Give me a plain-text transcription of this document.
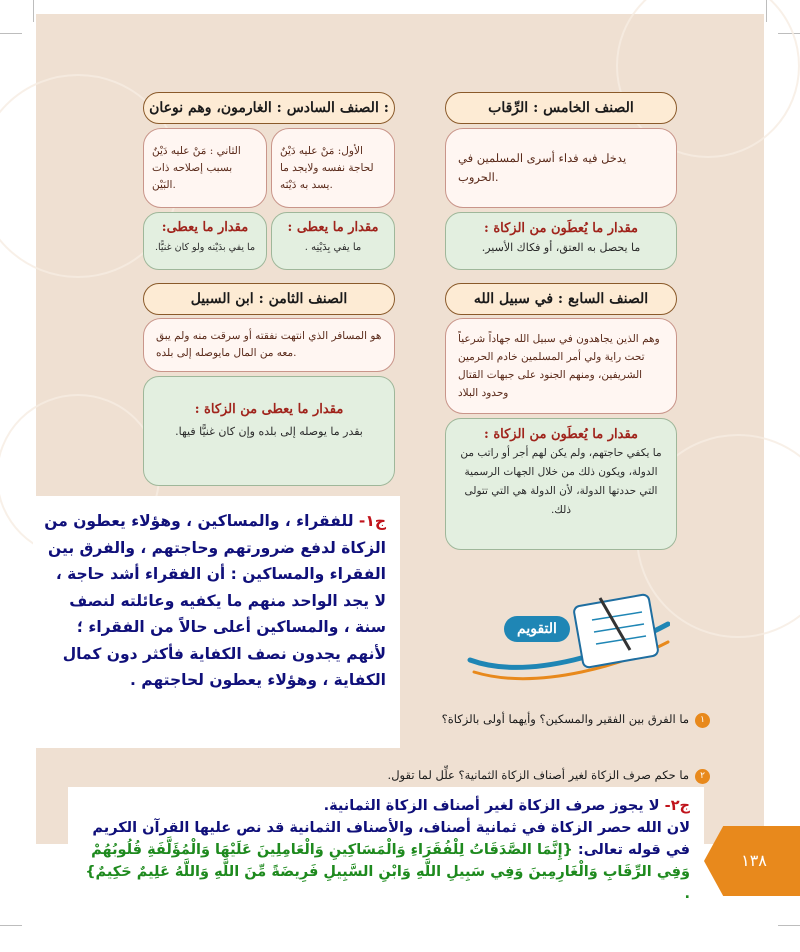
الصنف الخامس : الرِّقاب
يدخل فيه فداء أسرى المسلمين في الحروب.
مقدار ما يُعطَون من الزكاة :
ما يحصل به العتق، أو فكاك الأسير.
الصنف السادس : الغارمون، وهم نوعان :
الأول: مَنْ عليه دَيْنٌ لحاجة نفسه ولايجد ما يسد به دَيْنَه.
الثاني : مَنْ عليه دَيْنٌ بسبب إصلاحه ذات البَيْن.
مقدار ما يعطى :
ما يفي بِدَيْنِه .
مقدار ما يعطى:
ما يفي بدَيْنه ولو كان غنيًّا.
الصنف السابع : في سبيل الله
وهم الذين يجاهدون في سبيل الله جهاداً شرعياً تحت راية ولي أمر المسلمين خادم الحرمين الشريفين، ومنهم الجنود على جبهات القتال وحدود البلاد
مقدار ما يُعطَون من الزكاة :
ما يكفي حاجتهم، ولم يكن لهم أجر أو راتب من الدولة، ويكون ذلك من خلال الجهات الرسمية التي حددتها الدولة، لأن الدولة هي التي تتولى ذلك.
الصنف الثامن : ابن السبيل
هو المسافر الذي انتهت نفقته أو سرقت منه ولم يبق معه من المال مايوصله إلى بلده.
مقدار ما يعطى من الزكاة :
بقدر ما يوصله إلى بلده وإن كان غنيًّا فيها.
التقويم
١ما الفرق بين الفقير والمسكين؟ وأيهما أولى بالزكاة؟
٢ما حكم صرف الزكاة لغير أصناف الزكاة الثمانية؟ علِّل لما تقول.
ج١- للفقراء ، والمساكين ، وهؤلاء يعطون من الزكاة لدفع ضرورتهم وحاجتهم ، والفرق بين الفقراء والمساكين : أن الفقراء أشد حاجة ، لا يجد الواحد منهم ما يكفيه وعائلته لنصف سنة ، والمساكين أعلى حالاً من الفقراء ؛ لأنهم يجدون نصف الكفاية فأكثر دون كمال الكفاية ، وهؤلاء يعطون لحاجتهم .
ج٢- لا يجوز صرف الزكاة لغير أصناف الزكاة الثمانية.
لان الله حصر الزكاة في ثمانية أصناف، والأصناف الثمانية قد نص عليها القرآن الكريم في قوله تعالى: {إِنَّمَا الصَّدَقَاتُ لِلْفُقَرَاءِ وَالْمَسَاكِينِ وَالْعَامِلِينَ عَلَيْهَا وَالْمُؤَلَّفَةِ قُلُوبُهُمْ وَفِي الرِّقَابِ وَالْغَارِمِينَ وَفِي سَبِيلِ اللَّهِ وَابْنِ السَّبِيلِ فَرِيضَةً مِّنَ اللَّهِ وَاللَّهُ عَلِيمٌ حَكِيمٌ} .
١٣٨
